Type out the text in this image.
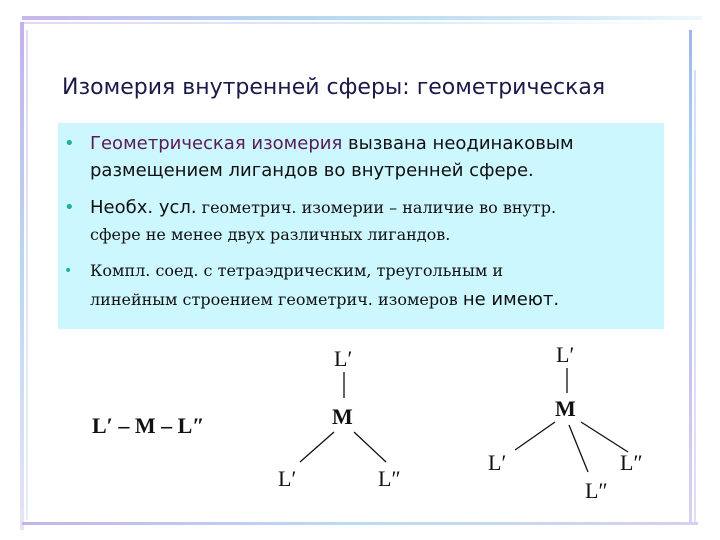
Изомерия внутренней сферы: геометрическая
• Геометрическая изомерия вызвана неодинаковым
размещением лигандов во внутренней сфере.
• Необх. усл. геометрич. изомерии – наличие во внутр.
сфере не менее двух различных лигандов.
• Компл. соед. с тетраэдрическим, треугольным и
линейным строением геометрич. изомеров не имеют.
L′ – M – L″
L′
M
L′	L″
L′
M
L′
L″
L″
